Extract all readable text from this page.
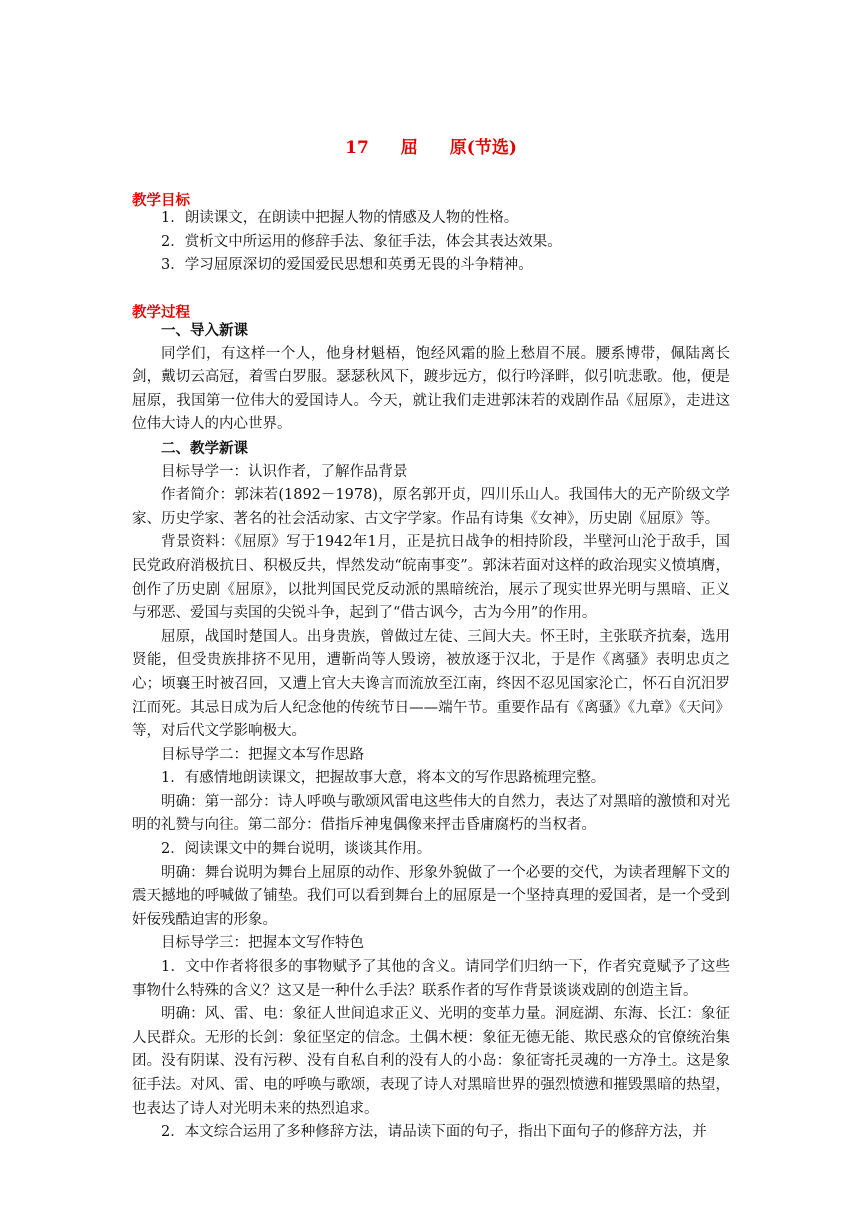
17 屈 原(节选)
教学目标

1．朗读课文，在朗读中把握人物的情感及人物的性格。

2．赏析文中所运用的修辞手法、象征手法，体会其表达效果。

3．学习屈原深切的爱国爱民思想和英勇无畏的斗争精神。

教学过程

一、导入新课

同学们，有这样一个人，他身材魁梧，饱经风霜的脸上愁眉不展。腰系博带，佩陆离长剑，戴切云高冠，着雪白罗服。瑟瑟秋风下，踱步远方，似行吟泽畔，似引吭悲歌。他，便是屈原，我国第一位伟大的爱国诗人。今天，就让我们走进郭沫若的戏剧作品《屈原》，走进这位伟大诗人的内心世界。

二、教学新课

目标导学一：认识作者，了解作品背景

作者简介：郭沫若(1892－1978)，原名郭开贞，四川乐山人。我国伟大的无产阶级文学家、历史学家、著名的社会活动家、古文字学家。作品有诗集《女神》，历史剧《屈原》等。

背景资料：《屈原》写于1942年1月，正是抗日战争的相持阶段，半壁河山沦于敌手，国民党政府消极抗日、积极反共，悍然发动“皖南事变”。郭沫若面对这样的政治现实义愤填膺，创作了历史剧《屈原》，以批判国民党反动派的黑暗统治，展示了现实世界光明与黑暗、正义与邪恶、爱国与卖国的尖锐斗争，起到了“借古讽今，古为今用”的作用。

屈原，战国时楚国人。出身贵族，曾做过左徒、三闾大夫。怀王时，主张联齐抗秦，选用贤能，但受贵族排挤不见用，遭靳尚等人毁谤，被放逐于汉北，于是作《离骚》表明忠贞之心；顷襄王时被召回，又遭上官大夫谗言而流放至江南，终因不忍见国家沦亡，怀石自沉汨罗江而死。其忌日成为后人纪念他的传统节日——端午节。重要作品有《离骚》《九章》《天问》等，对后代文学影响极大。

目标导学二：把握文本写作思路

1．有感情地朗读课文，把握故事大意，将本文的写作思路梳理完整。

明确：第一部分：诗人呼唤与歌颂风雷电这些伟大的自然力，表达了对黑暗的激愤和对光明的礼赞与向往。第二部分：借指斥神鬼偶像来抨击昏庸腐朽的当权者。

2．阅读课文中的舞台说明，谈谈其作用。

明确：舞台说明为舞台上屈原的动作、形象外貌做了一个必要的交代，为读者理解下文的震天撼地的呼喊做了铺垫。我们可以看到舞台上的屈原是一个坚持真理的爱国者，是一个受到奸佞残酷迫害的形象。

目标导学三：把握本文写作特色

1．文中作者将很多的事物赋予了其他的含义。请同学们归纳一下，作者究竟赋予了这些事物什么特殊的含义？这又是一种什么手法？联系作者的写作背景谈谈戏剧的创造主旨。

明确：风、雷、电：象征人世间追求正义、光明的变革力量。洞庭湖、东海、长江：象征人民群众。无形的长剑：象征坚定的信念。土偶木梗：象征无德无能、欺民惑众的官僚统治集团。没有阴谋、没有污秽、没有自私自利的没有人的小岛：象征寄托灵魂的一方净土。这是象征手法。对风、雷、电的呼唤与歌颂，表现了诗人对黑暗世界的强烈愤懑和摧毁黑暗的热望，也表达了诗人对光明未来的热烈追求。

2．本文综合运用了多种修辞方法，请品读下面的句子，指出下面句子的修辞方法，并
